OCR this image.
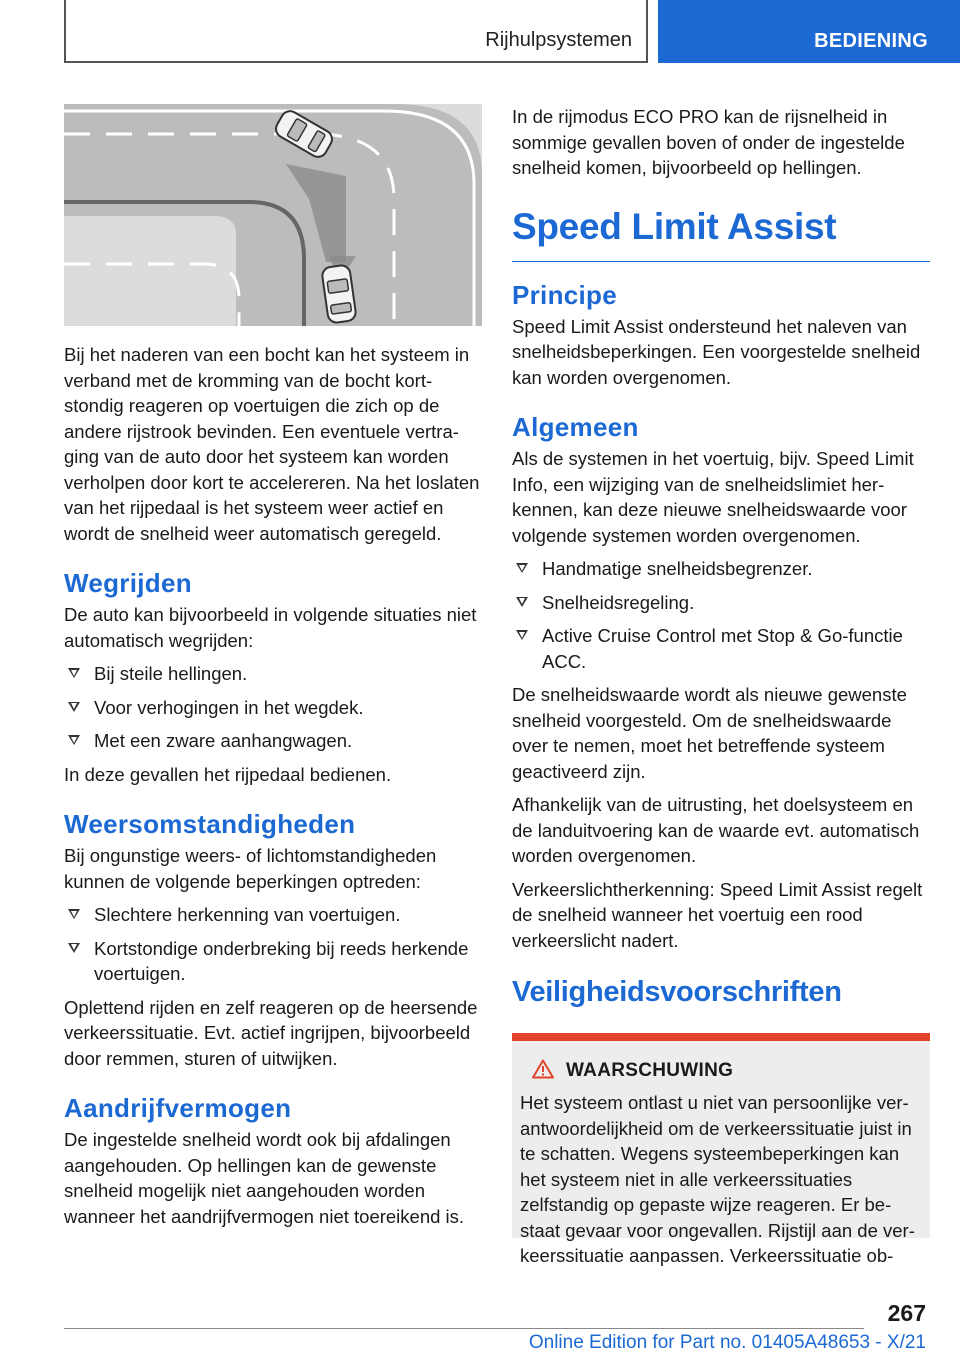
Rijhulpsystemen	BEDIENING

Bij het naderen van een bocht kan het systeem in verband met de kromming van de bocht kortstondig reageren op voertuigen die zich op de andere rijstrook bevinden. Een eventuele vertraging van de auto door het systeem kan worden verholpen door kort te accelereren. Na het loslaten van het rijpedaal is het systeem weer actief en wordt de snelheid weer automatisch geregeld.

Wegrijden

De auto kan bijvoorbeeld in volgende situaties niet automatisch wegrijden:

Bij steile hellingen.
Voor verhogingen in het wegdek.
Met een zware aanhangwagen.

In deze gevallen het rijpedaal bedienen.

Weersomstandigheden

Bij ongunstige weers- of lichtomstandigheden kunnen de volgende beperkingen optreden:

Slechtere herkenning van voertuigen.
Kortstondige onderbreking bij reeds herkende voertuigen.

Oplettend rijden en zelf reageren op de heersende verkeerssituatie. Evt. actief ingrijpen, bijvoorbeeld door remmen, sturen of uitwijken.

Aandrijfvermogen

De ingestelde snelheid wordt ook bij afdalingen aangehouden. Op hellingen kan de gewenste snelheid mogelijk niet aangehouden worden wanneer het aandrijfvermogen niet toereikend is.

In de rijmodus ECO PRO kan de rijsnelheid in sommige gevallen boven of onder de ingestelde snelheid komen, bijvoorbeeld op hellingen.

Speed Limit Assist
Principe

Speed Limit Assist ondersteund het naleven van snelheidsbeperkingen. Een voorgestelde snelheid kan worden overgenomen.

Algemeen

Als de systemen in het voertuig, bijv. Speed Limit Info, een wijziging van de snelheidslimiet herkennen, kan deze nieuwe snelheidswaarde voor volgende systemen worden overgenomen.

Handmatige snelheidsbegrenzer.
Snelheidsregeling.
Active Cruise Control met Stop & Go-functie ACC.

De snelheidswaarde wordt als nieuwe gewenste snelheid voorgesteld. Om de snelheidswaarde over te nemen, moet het betreffende systeem geactiveerd zijn.

Afhankelijk van de uitrusting, het doelsysteem en de landuitvoering kan de waarde evt. automatisch worden overgenomen.

Verkeerslichtherkenning: Speed Limit Assist regelt de snelheid wanneer het voertuig een rood verkeerslicht nadert.

Veiligheidsvoorschriften
WAARSCHUWING

Het systeem ontlast u niet van persoonlijke verantwoordelijkheid om de verkeerssituatie juist in te schatten. Wegens systeembeperkingen kan het systeem niet in alle verkeerssituaties zelfstandig op gepaste wijze reageren. Er bestaat gevaar voor ongevallen. Rijstijl aan de verkeerssituatie aanpassen. Verkeerssituatie ob-

267
Online Edition for Part no. 01405A48653 - X/21
